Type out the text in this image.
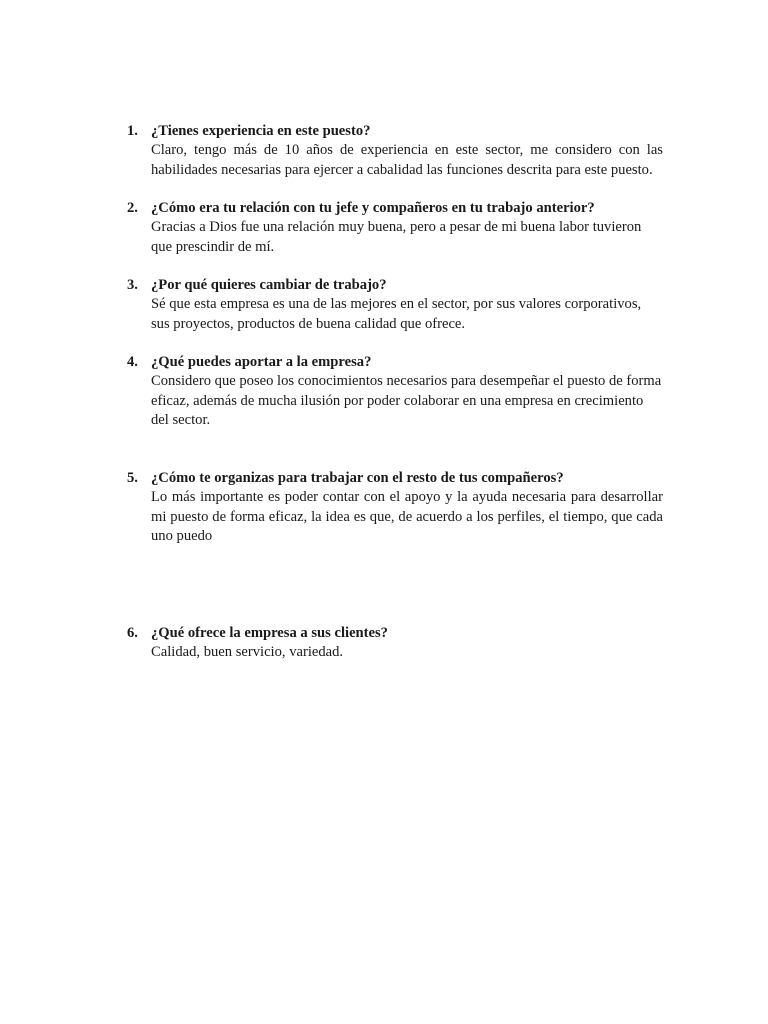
1. ¿Tienes experiencia en este puesto?
Claro, tengo más de 10 años de experiencia en este sector, me considero con las habilidades necesarias para ejercer a cabalidad las funciones descrita para este puesto.
2. ¿Cómo era tu relación con tu jefe y compañeros en tu trabajo anterior?
Gracias a Dios fue una relación muy buena, pero a pesar de mi buena labor tuvieron que prescindir de mí.
3. ¿Por qué quieres cambiar de trabajo?
Sé que esta empresa es una de las mejores en el sector, por sus valores corporativos, sus proyectos, productos de buena calidad que ofrece.
4. ¿Qué puedes aportar a la empresa?
Considero que poseo los conocimientos necesarios para desempeñar el puesto de forma eficaz, además de mucha ilusión por poder colaborar en una empresa en crecimiento del sector.
5. ¿Cómo te organizas para trabajar con el resto de tus compañeros?
Lo más importante es poder contar con el apoyo y la ayuda necesaria para desarrollar mi puesto de forma eficaz, la idea es que, de acuerdo a los perfiles, el tiempo, que cada uno puedo
6. ¿Qué ofrece la empresa a sus clientes?
Calidad, buen servicio, variedad.
